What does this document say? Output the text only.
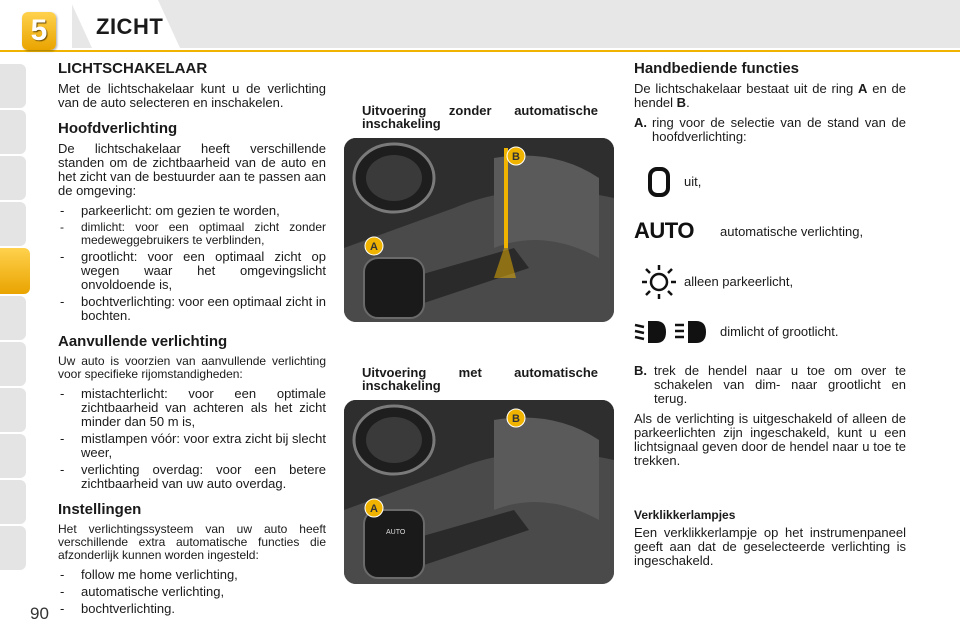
5	ZICHT
LICHTSCHAKELAAR

Met de lichtschakelaar kunt u de verlichting van de auto selecteren en inschakelen.

Hoofdverlichting

De lichtschakelaar heeft verschillende standen om de zichtbaarheid van de auto en het zicht van de bestuurder aan te passen aan de omgeving:

- parkeerlicht: om gezien te worden,
- dimlicht: voor een optimaal zicht zonder medeweggebruikers te verblinden,
- grootlicht: voor een optimaal zicht op wegen waar het omgevingslicht onvoldoende is,
- bochtverlichting: voor een optimaal zicht in bochten.
Aanvullende verlichting

Uw auto is voorzien van aanvullende verlichting voor specifieke rijomstandigheden:

- mistachterlicht: voor een optimale zichtbaarheid van achteren als het zicht minder dan 50 m is,
- mistlampen vóór: voor extra zicht bij slecht weer,
- verlichting overdag: voor een betere zichtbaarheid van uw auto overdag.
Instellingen

Het verlichtingssysteem van uw auto heeft verschillende extra automatische functies die afzonderlijk kunnen worden ingesteld:

- follow me home verlichting,
- automatische verlichting,
- bochtverlichting.

Uitvoering zonder automatische inschakeling

A
B

Uitvoering met automatische inschakeling

AUTO
A
B
Handbediende functies

De lichtschakelaar bestaat uit de ring A en de hendel B.

A. ring voor de selectie van de stand van de hoofdverlichting:
uit,
AUTO	automatische verlichting,
alleen parkeerlicht,
dimlicht of grootlicht.
B. trek de hendel naar u toe om over te schakelen van dim- naar grootlicht en terug.

Als de verlichting is uitgeschakeld of alleen de parkeerlichten zijn ingeschakeld, kunt u een lichtsignaal geven door de hendel naar u toe te trekken.

Verklikkerlampjes

Een verklikkerlampje op het instrumenpaneel geeft aan dat de geselecteerde verlichting is ingeschakeld.

90
